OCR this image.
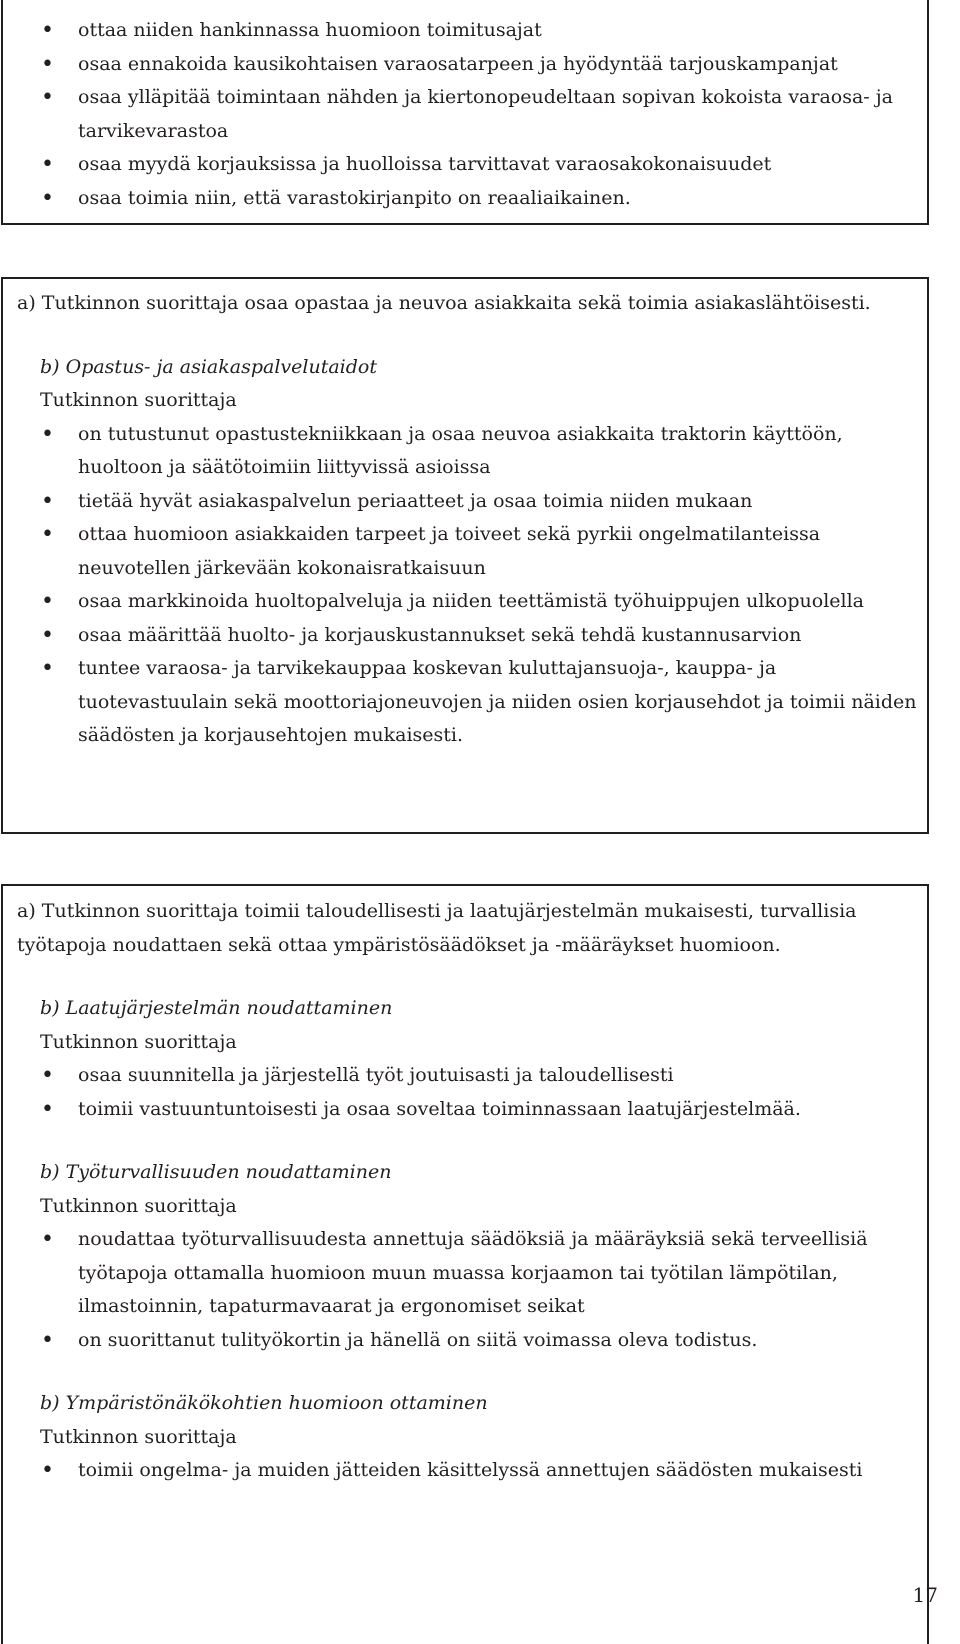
• ottaa niiden hankinnassa huomioon toimitusajat
• osaa ennakoida kausikohtaisen varaosatarpeen ja hyödyntää tarjouskampanjat
• osaa ylläpitää toimintaan nähden ja kiertonopeudeltaan sopivan kokoista varaosa- ja tarvikevarastoa
• osaa myydä korjauksissa ja huolloissa tarvittavat varaosakokonaisuudet
• osaa toimia niin, että varastokirjanpito on reaaliaikainen.
a) Tutkinnon suorittaja osaa opastaa ja neuvoa asiakkaita sekä toimia asiakaslähtöisesti.
b) Opastus- ja asiakaspalvelutaidot
Tutkinnon suorittaja
• on tutustunut opastustekniikkaan ja osaa neuvoa asiakkaita traktorin käyttöön, huoltoon ja säätötoimiin liittyvissä asioissa
• tietää hyvät asiakaspalvelun periaatteet ja osaa toimia niiden mukaan
• ottaa huomioon asiakkaiden tarpeet ja toiveet sekä pyrkii ongelmatilanteissa neuvotellen järkevään kokonaisratkaisuun
• osaa markkinoida huoltopalveluja ja niiden teettämistä työhuippujen ulkopuolella
• osaa määrittää huolto- ja korjauskustannukset sekä tehdä kustannusarvion
• tuntee varaosa- ja tarvikekauppaa koskevan kuluttajansuoja-, kauppa- ja tuotevastuulain sekä moottoriajoneuvojen ja niiden osien korjausehdot ja toimii näiden säädösten ja korjausehtojen mukaisesti.
a) Tutkinnon suorittaja toimii taloudellisesti ja laatujärjestelmän mukaisesti, turvallisia työtapoja noudattaen sekä ottaa ympäristösäädökset ja -määräykset huomioon.
b) Laatujärjestelmän noudattaminen
Tutkinnon suorittaja
• osaa suunnitella ja järjestellä työt joutuisasti ja taloudellisesti
• toimii vastuuntuntoisesti ja osaa soveltaa toiminnassaan laatujärjestelmää.
b) Työturvallisuuden noudattaminen
Tutkinnon suorittaja
• noudattaa työturvallisuudesta annettuja säädöksiä ja määräyksiä sekä terveellisiä työtapoja ottamalla huomioon muun muassa korjaamon tai työtilan lämpötilan, ilmastoinnin, tapaturmavaarat ja ergonomiset seikat
• on suorittanut tulityökortin ja hänellä on siitä voimassa oleva todistus.
b) Ympäristönäkökohtien huomioon ottaminen
Tutkinnon suorittaja
• toimii ongelma- ja muiden jätteiden käsittelyssä annettujen säädösten mukaisesti
17
